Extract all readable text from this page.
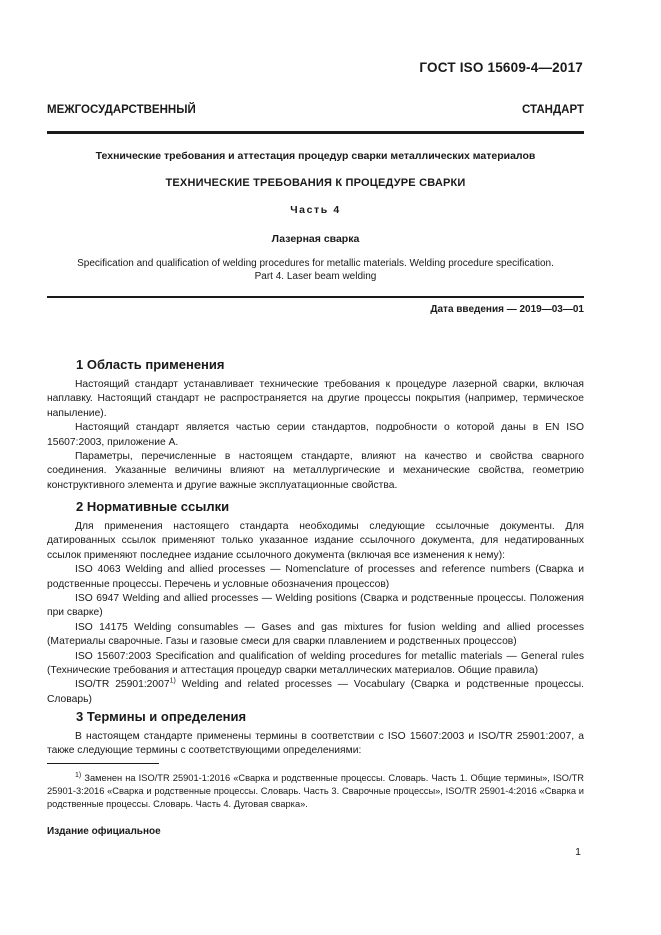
ГОСТ ISO 15609-4—2017
МЕЖГОСУДАРСТВЕННЫЙ СТАНДАРТ
Технические требования и аттестация процедур сварки металлических материалов
ТЕХНИЧЕСКИЕ ТРЕБОВАНИЯ К ПРОЦЕДУРЕ СВАРКИ
Часть 4
Лазерная сварка
Specification and qualification of welding procedures for metallic materials. Welding procedure specification.
Part 4. Laser beam welding
Дата введения — 2019—03—01
1 Область применения

Настоящий стандарт устанавливает технические требования к процедуре лазерной сварки, включая наплавку. Настоящий стандарт не распространяется на другие процессы покрытия (например, термическое напыление).

Настоящий стандарт является частью серии стандартов, подробности о которой даны в EN ISO 15607:2003, приложение А.

Параметры, перечисленные в настоящем стандарте, влияют на качество и свойства сварного соединения. Указанные величины влияют на металлургические и механические свойства, геометрию конструктивного элемента и другие важные эксплуатационные свойства.

2 Нормативные ссылки

Для применения настоящего стандарта необходимы следующие ссылочные документы. Для датированных ссылок применяют только указанное издание ссылочного документа, для недатированных ссылок применяют последнее издание ссылочного документа (включая все изменения к нему):

ISO 4063 Welding and allied processes — Nomenclature of processes and reference numbers (Сварка и родственные процессы. Перечень и условные обозначения процессов)

ISO 6947 Welding and allied processes — Welding positions (Сварка и родственные процессы. Положения при сварке)

ISO 14175 Welding consumables — Gases and gas mixtures for fusion welding and allied processes (Материалы сварочные. Газы и газовые смеси для сварки плавлением и родственных процессов)

ISO 15607:2003 Specification and qualification of welding procedures for metallic materials — General rules (Технические требования и аттестация процедур сварки металлических материалов. Общие правила)

ISO/TR 25901:2007$^{1)}$ Welding and related processes — Vocabulary (Сварка и родственные процессы. Словарь)

3 Термины и определения

В настоящем стандарте применены термины в соответствии с ISO 15607:2003 и ISO/TR 25901:2007, а также следующие термины с соответствующими определениями:

$^{1)}$ Заменен на ISO/TR 25901-1:2016 «Сварка и родственные процессы. Словарь. Часть 1. Общие термины», ISO/TR 25901-3:2016 «Сварка и родственные процессы. Словарь. Часть 3. Сварочные процессы», ISO/TR 25901-4:2016 «Сварка и родственные процессы. Словарь. Часть 4. Дуговая сварка».

Издание официальное
1
